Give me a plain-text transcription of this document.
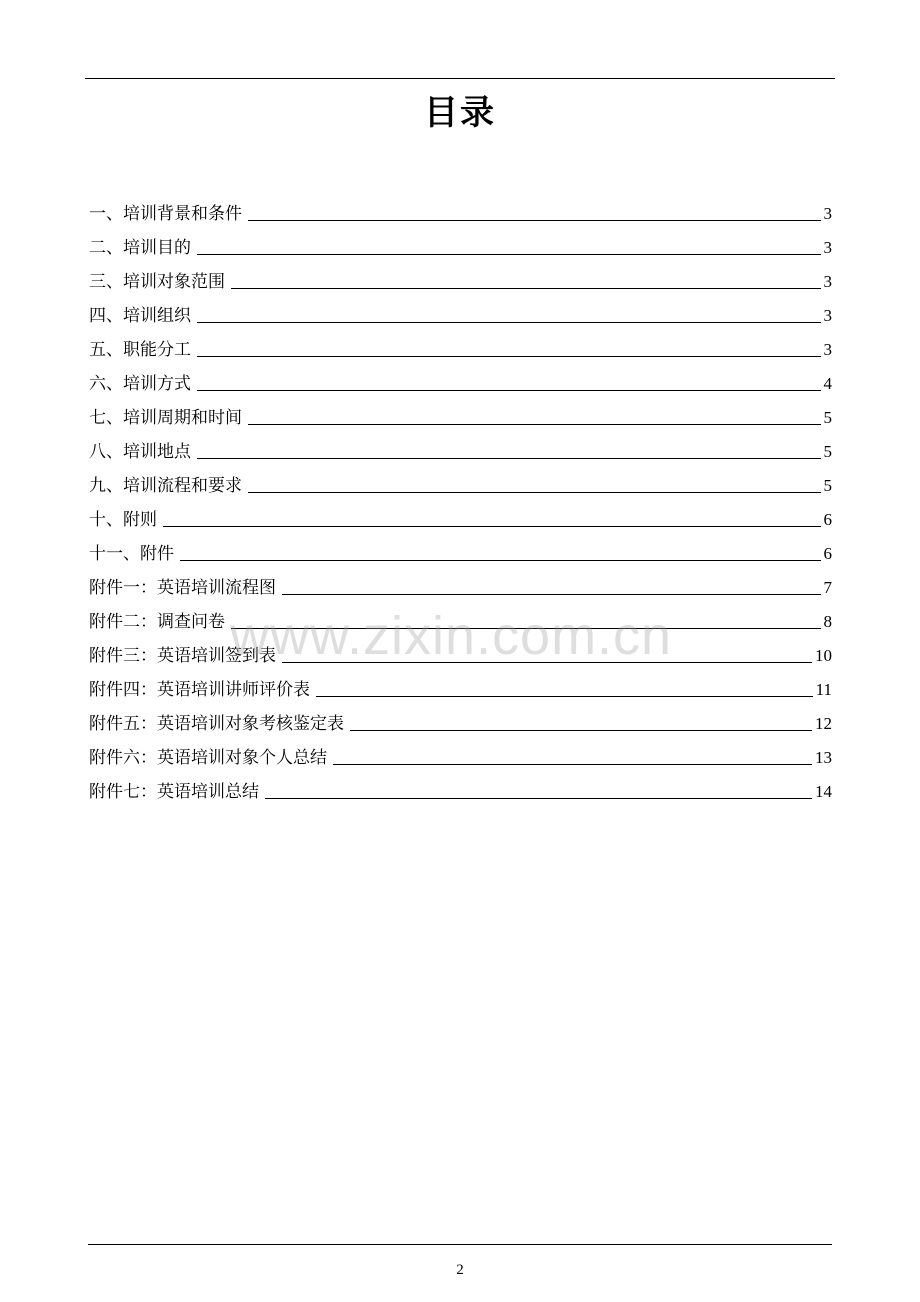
目录
一、培训背景和条件	3
二、培训目的	3
三、培训对象范围	3
四、培训组织	3
五、职能分工	3
六、培训方式	4
七、培训周期和时间	5
八、培训地点	5
九、培训流程和要求	5
十、附则	6
十一、附件	6
附件一：英语培训流程图	7
附件二：调查问卷	8
附件三：英语培训签到表	10
附件四：英语培训讲师评价表	11
附件五：英语培训对象考核鉴定表	12
附件六：英语培训对象个人总结	13
附件七：英语培训总结	14
www.zixin.com.cn
2
